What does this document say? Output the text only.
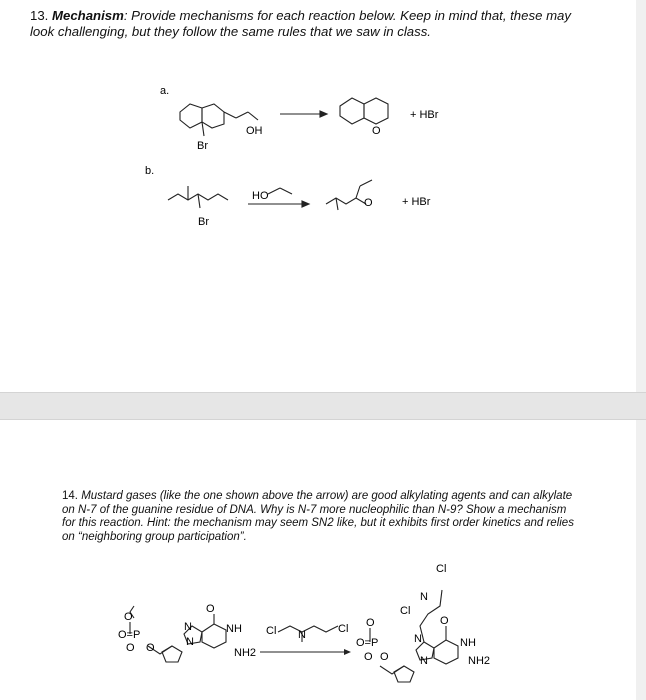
13. Mechanism: Provide mechanisms for each reaction below. Keep in mind that, these may look challenging, but they follow the same rules that we saw in class.
a.
Br
OH	O
+ HBr
b.
Br
HO
O	+ HBr
14. Mustard gases (like the one shown above the arrow) are good alkylating agents and can alkylate on N-7 of the guanine residue of DNA. Why is N-7 more nucleophilic than N-9? Show a mechanism for this reaction. Hint: the mechanism may seem SN2 like, but it exhibits first order kinetics and relies on “neighboring group participation”.
O
O=P
O O
O
N
N
NH
NH2
Cl N	Cl O
O=P
O O
O
Cl
Cl
N
N
N
NH
NH2
